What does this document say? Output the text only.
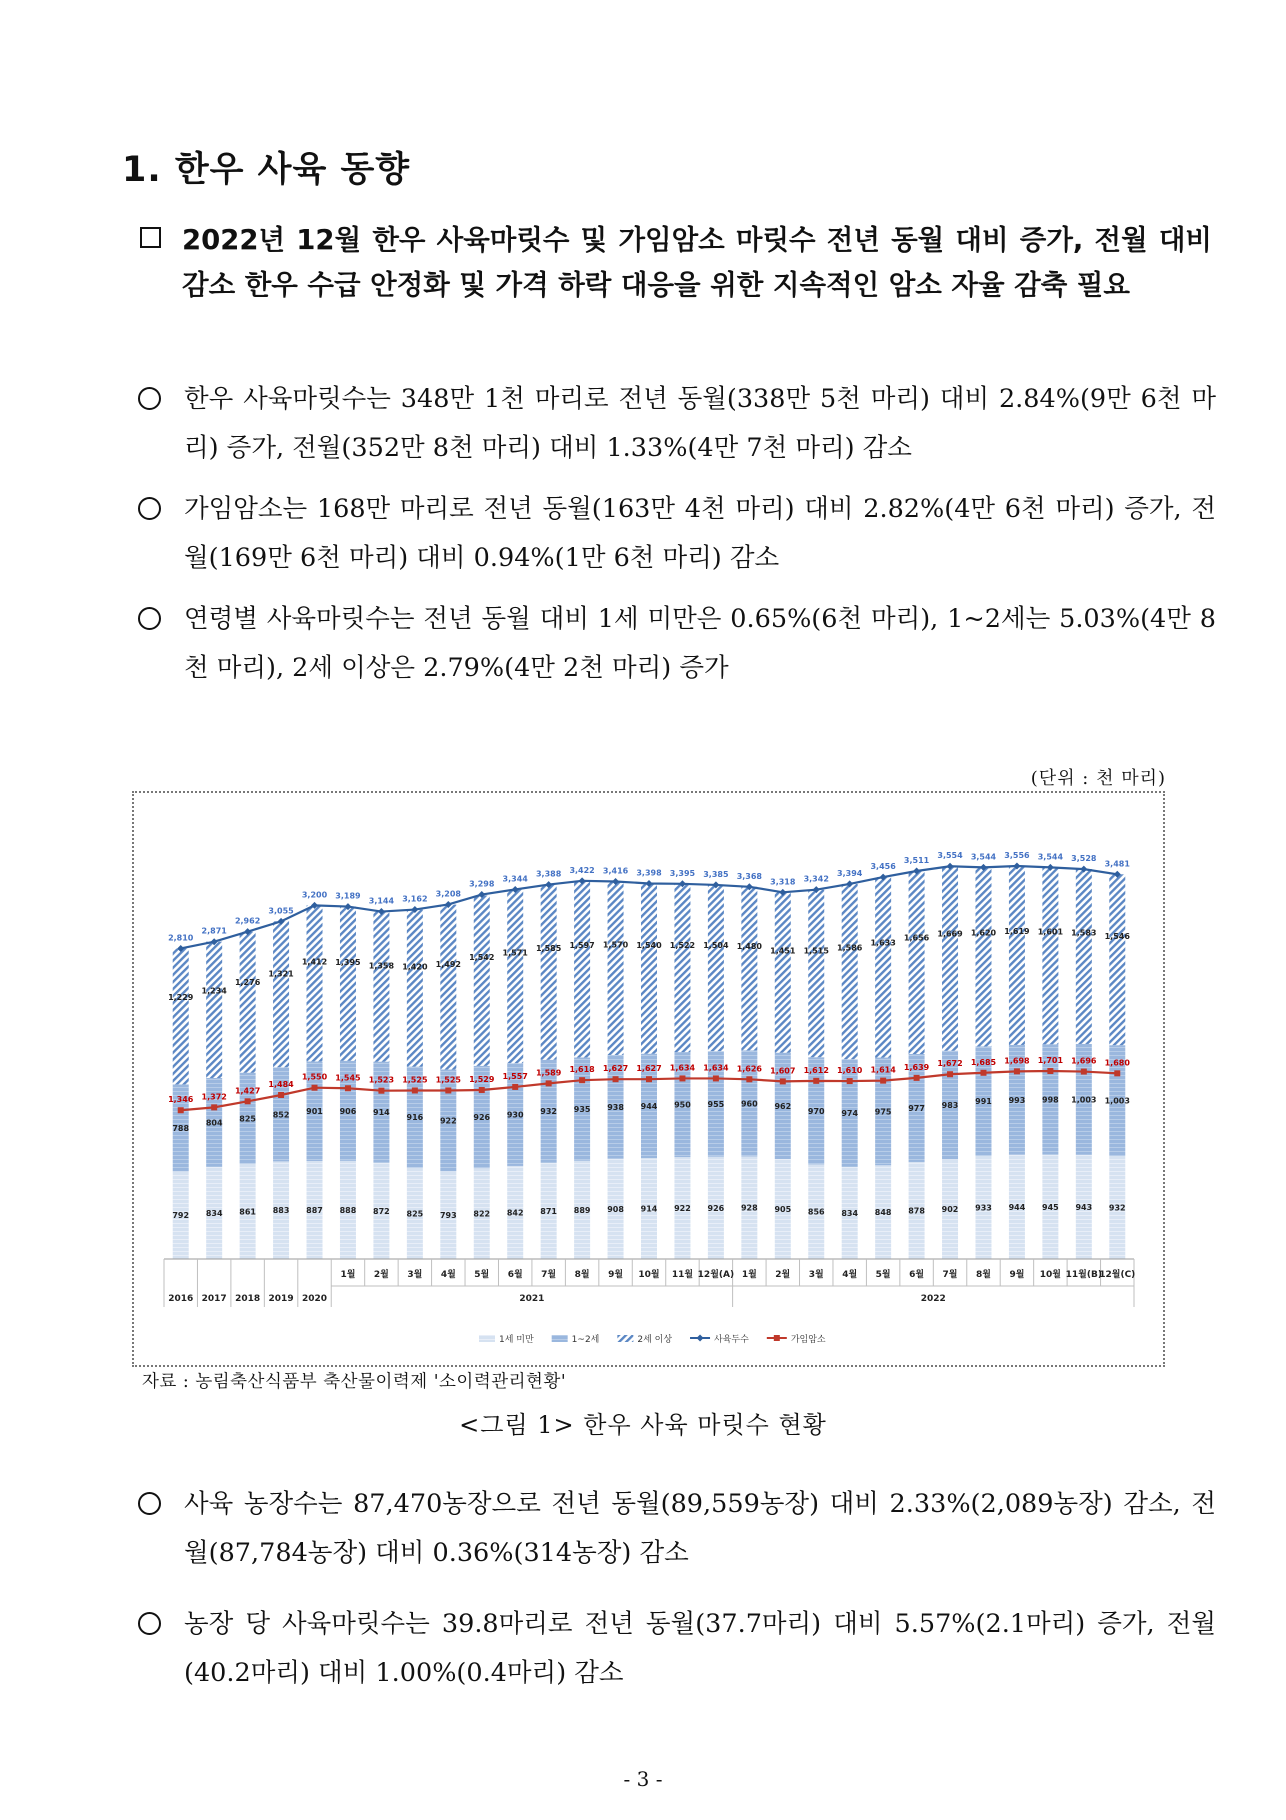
1. 한우 사육 동향
2022년 12월 한우 사육마릿수 및 가임암소 마릿수 전년 동월 대비 증가, 전월 대비 감소 한우 수급 안정화 및 가격 하락 대응을 위한 지속적인 암소 자율 감축 필요

한우 사육마릿수는 348만 1천 마리로 전년 동월(338만 5천 마리) 대비 2.84%(9만 6천 마리) 증가, 전월(352만 8천 마리) 대비 1.33%(4만 7천 마리) 감소

가임암소는 168만 마리로 전년 동월(163만 4천 마리) 대비 2.82%(4만 6천 마리) 증가, 전월(169만 6천 마리) 대비 0.94%(1만 6천 마리) 감소

연령별 사육마릿수는 전년 동월 대비 1세 미만은 0.65%(6천 마리), 1~2세는 5.03%(4만 8천 마리), 2세 이상은 2.79%(4만 2천 마리) 증가

(단위 : 천 마리)
792
788
1,229
834
804
1,234
861
825
1,276
883
852
1,321
887
901
1,412
888
906
1,395
872
914
1,358
825
916
1,420
793
922
1,492
822
926
1,542
842
930
1,571
871
932
1,585
889
935
1,597
908
938
1,570
914
944
1,540
922
950
1,522
926
955
1,504
928
960
1,480
905
962
1,451
856
970
1,515
834
974
1,586
848
975
1,633
878
977
1,656
902
983
1,669
933
991
1,620
944
993
1,619
945
998
1,601
943
1,003
1,583
932
1,003
1,546
2,810
2,871
2,962
3,055
3,200 3,189
3,144 3,162
3,208
3,298
3,344
3,388 3,422 3,416 3,398 3,395 3,385 3,368
3,318 3,342
3,394
3,456
3,511
3,554 3,544 3,556 3,544 3,528
3,481
1,346 1,372
1,427
1,484
1,550 1,545 1,523 1,525 1,525 1,529 1,557 1,589 1,618 1,627 1,627 1,634 1,634 1,626 1,607 1,612 1,610 1,614 1,639 1,672 1,685 1,698 1,701 1,696 1,680
2016 2017 2018 2019 2020
1월 2월 3월 4월 5월 6월 7월 8월 9월 10월 11월 12월(A) 1월 2월 3월 4월 5월 6월 7월 8월 9월 10월 11월(B)
12월(C)
2021	2022
1세 미만	1~2세	2세 이상	사육두수	가임암소
자료 : 농림축산식품부 축산물이력제 '소이력관리현황'
<그림 1> 한우 사육 마릿수 현황

사육 농장수는 87,470농장으로 전년 동월(89,559농장) 대비 2.33%(2,089농장) 감소, 전월(87,784농장) 대비 0.36%(314농장) 감소

농장 당 사육마릿수는 39.8마리로 전년 동월(37.7마리) 대비 5.57%(2.1마리) 증가, 전월(40.2마리) 대비 1.00%(0.4마리) 감소

- 3 -
